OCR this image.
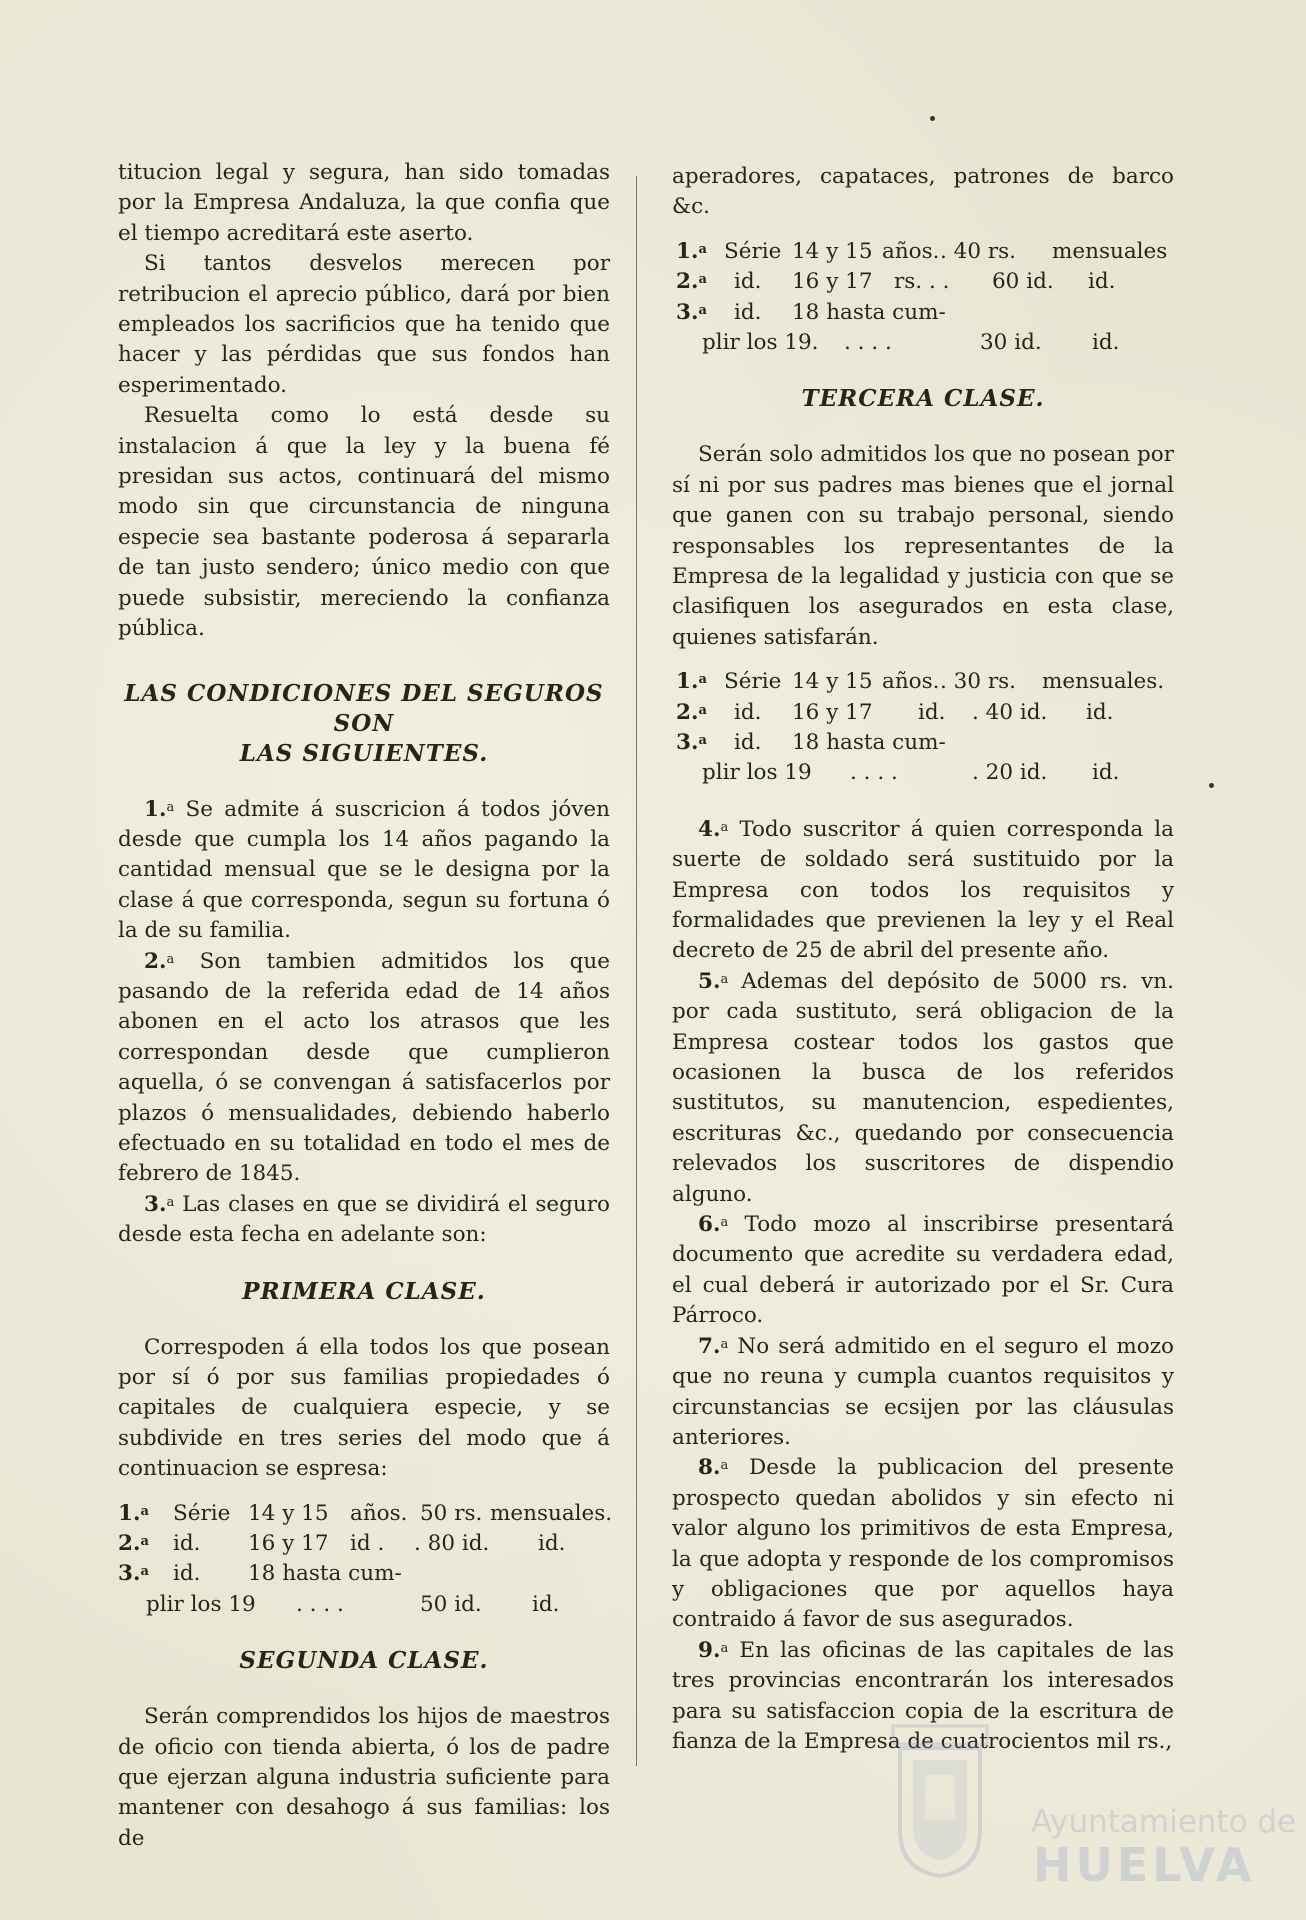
titucion legal y segura, han sido tomadas por la Empresa Andaluza, la que confia que el tiempo acreditará este aserto.

Si tantos desvelos merecen por retribucion el aprecio público, dará por bien empleados los sacrificios que ha tenido que hacer y las pérdidas que sus fondos han esperimentado.

Resuelta como lo está desde su instalacion á que la ley y la buena fé presidan sus actos, continuará del mismo modo sin que circunstancia de ninguna especie sea bastante poderosa á separarla de tan justo sendero; único medio con que puede subsistir, mereciendo la confianza pública.

LAS CONDICIONES DEL SEGUROS SON
LAS SIGUIENTES.

1.$^a$ Se admite á suscricion á todos jóven desde que cumpla los 14 años pagando la cantidad mensual que se le designa por la clase á que corresponda, segun su fortuna ó la de su familia.

2.$^a$ Son tambien admitidos los que pasando de la referida edad de 14 años abonen en el acto los atrasos que les correspondan desde que cumplieron aquella, ó se convengan á satisfacerlos por plazos ó mensualidades, debiendo haberlo efectuado en su totalidad en todo el mes de febrero de 1845.

3.$^a$ Las clases en que se dividirá el seguro desde esta fecha en adelante son:

PRIMERA CLASE.

Correspoden á ella todos los que posean por sí ó por sus familias propiedades ó capitales de cualquiera especie, y se subdivide en tres series del modo que á continuacion se espresa:

1.$^a$ Série 14 y 15 años. 50 rs. mensuales.
2.$^a$ id. 16 y 17 id . . 80 id. id.
3.$^a$ id. 18 hasta cum-
plir los 19 . . . .	50 id. id.
SEGUNDA CLASE.

Serán comprendidos los hijos de maestros de oficio con tienda abierta, ó los de padre que ejerzan alguna industria suficiente para mantener con desahogo á sus familias: los de

aperadores, capataces, patrones de barco &c.

1.$^a$ Série 14 y 15 años. . 40 rs. mensuales
2.$^a$ id. 16 y 17 rs. . . 60 id. id.
3.$^a$ id. 18 hasta cum-
plir los 19. . . . .	30 id. id.
TERCERA CLASE.

Serán solo admitidos los que no posean por sí ni por sus padres mas bienes que el jornal que ganen con su trabajo personal, siendo responsables los representantes de la Empresa de la legalidad y justicia con que se clasifiquen los asegurados en esta clase, quienes satisfarán.

1.$^a$ Série 14 y 15 años. . 30 rs. mensuales.
2.$^a$ id. 16 y 17 id. . 40 id. id.
3.$^a$ id. 18 hasta cum-
plir los 19 . . . .	. 20 id. id.

4.$^a$ Todo suscritor á quien corresponda la suerte de soldado será sustituido por la Empresa con todos los requisitos y formalidades que previenen la ley y el Real decreto de 25 de abril del presente año.

5.$^a$ Ademas del depósito de 5000 rs. vn. por cada sustituto, será obligacion de la Empresa costear todos los gastos que ocasionen la busca de los referidos sustitutos, su manutencion, espedientes, escrituras &c., quedando por consecuencia relevados los suscritores de dispendio alguno.

6.$^a$ Todo mozo al inscribirse presentará documento que acredite su verdadera edad, el cual deberá ir autorizado por el Sr. Cura Párroco.

7.$^a$ No será admitido en el seguro el mozo que no reuna y cumpla cuantos requisitos y circunstancias se ecsijen por las cláusulas anteriores.

8.$^a$ Desde la publicacion del presente prospecto quedan abolidos y sin efecto ni valor alguno los primitivos de esta Empresa, la que adopta y responde de los compromisos y obligaciones que por aquellos haya contraido á favor de sus asegurados.

9.$^a$ En las oficinas de las capitales de las tres provincias encontrarán los interesados para su satisfaccion copia de la escritura de fianza de la Empresa de cuatrocientos mil rs.,

Ayuntamiento de
HUELVA
